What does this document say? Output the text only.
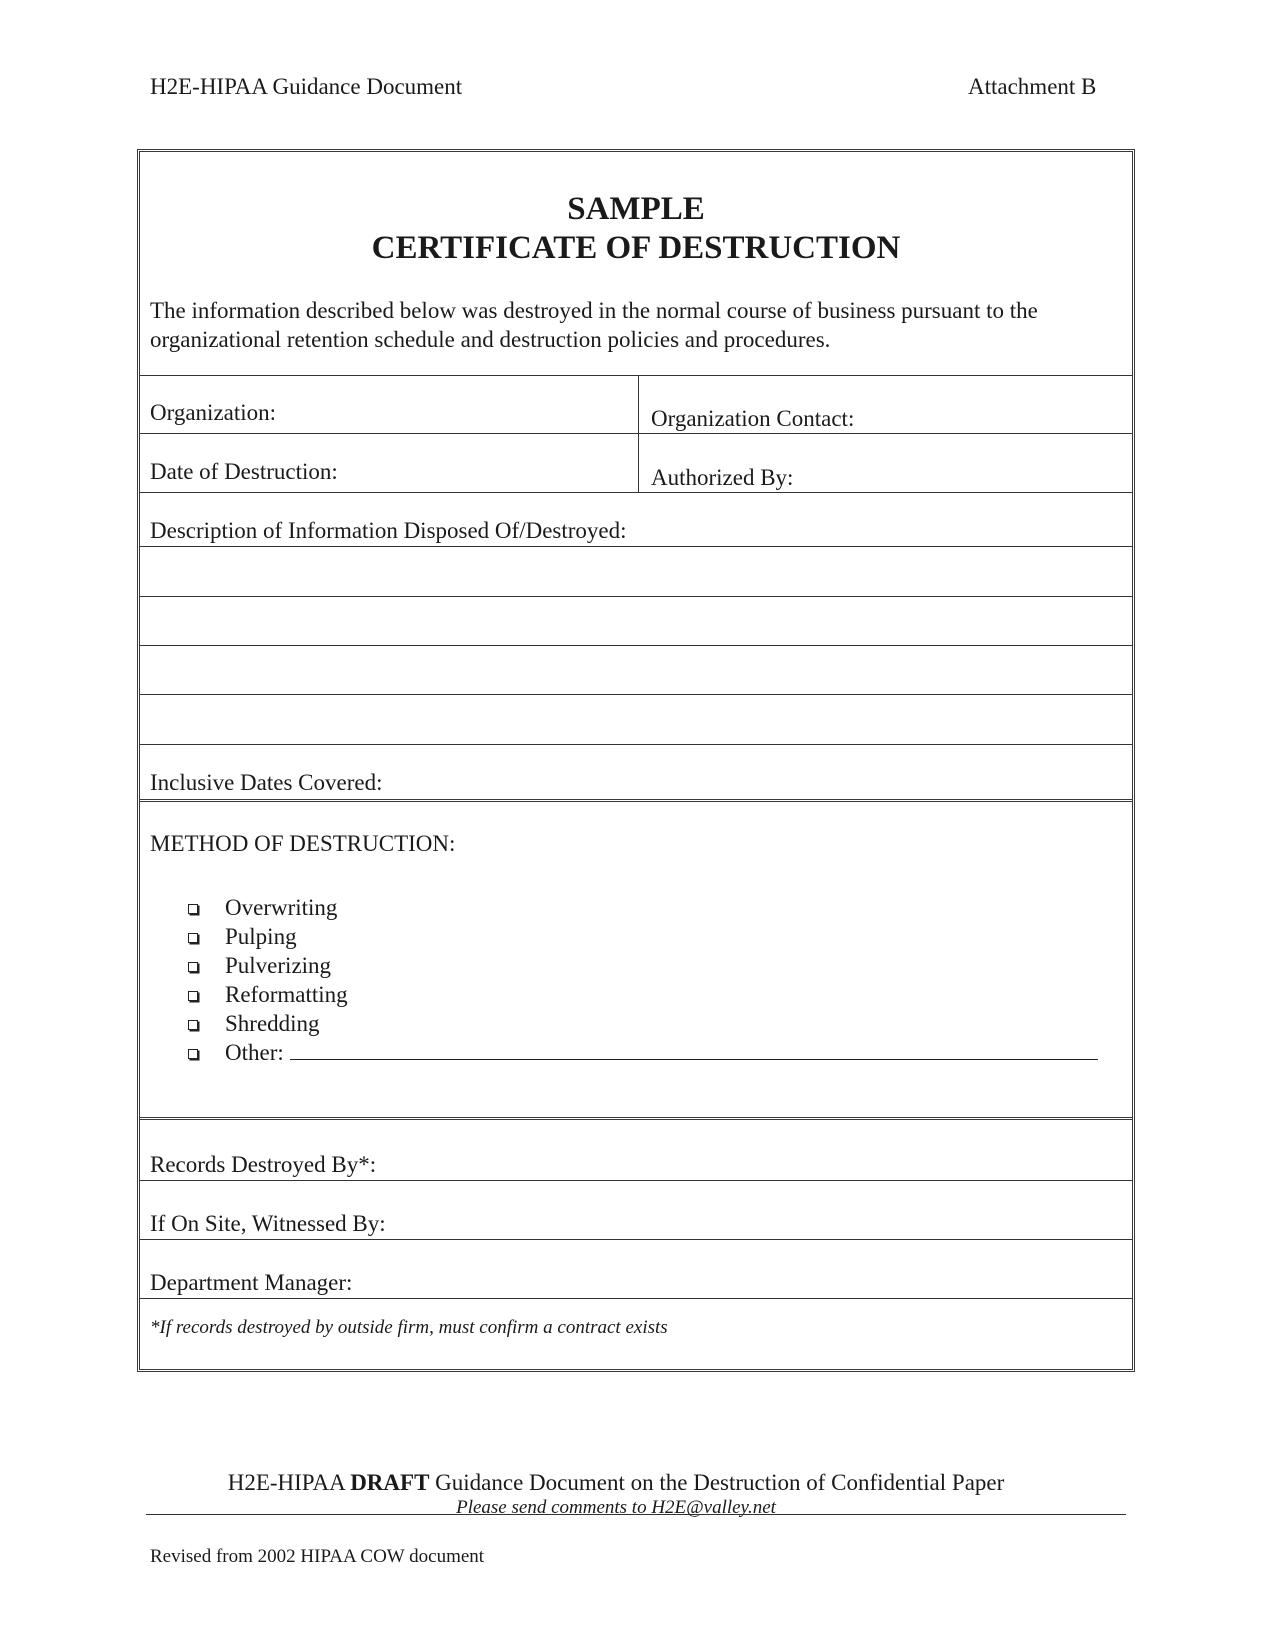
H2E-HIPAA Guidance Document	Attachment B
SAMPLE
CERTIFICATE OF DESTRUCTION
The information described below was destroyed in the normal course of business pursuant to the organizational retention schedule and destruction policies and procedures.
Organization:	Organization Contact:
Date of Destruction:	Authorized By:
Description of Information Disposed Of/Destroyed:
Inclusive Dates Covered:
METHOD OF DESTRUCTION:
Overwriting
Pulping
Pulverizing
Reformatting
Shredding
Other:
Records Destroyed By*:
If On Site, Witnessed By:
Department Manager:
*If records destroyed by outside firm, must confirm a contract exists
H2E-HIPAA DRAFT Guidance Document on the Destruction of Confidential Paper
Please send comments to H2E@valley.net
Revised from 2002 HIPAA COW document
